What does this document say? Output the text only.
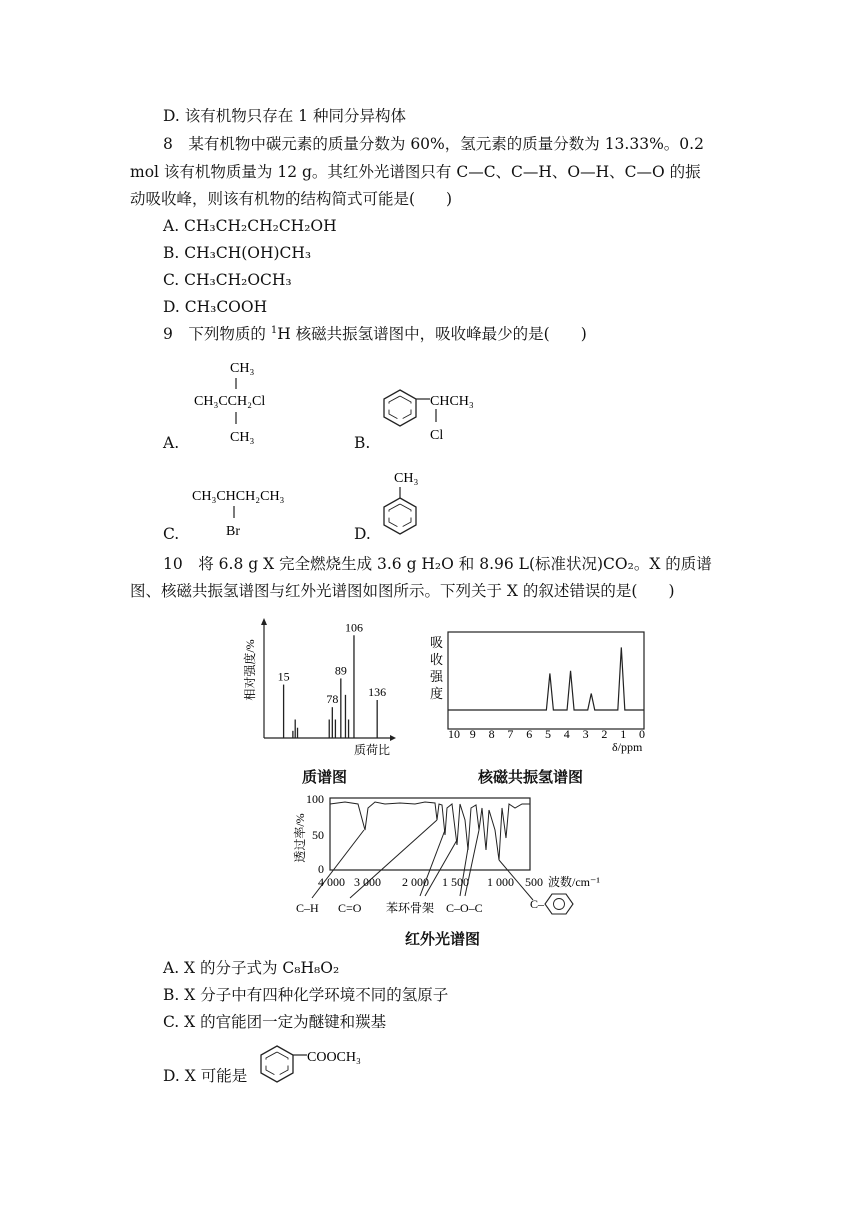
D. 该有机物只存在 1 种同分异构体
8　 某有机物中碳元素的质量分数为 60%，氢元素的质量分数为 13.33%。0.2
mol 该有机物质量为 12 g。其红外光谱图只有 C—C、C—H、O—H、C—O 的振
动吸收峰，则该有机物的结构简式可能是(　　)
A. CH₃CH₂CH₂CH₂OH
B. CH₃CH(OH)CH₃
C. CH₃CH₂OCH₃
D. CH₃COOH
9　 下列物质的 $^1$H 核磁共振氢谱图中，吸收峰最少的是(　　)
A.	B.
C.	D.
CH₃
CH₃CCH₂Cl
CH₃
CHCH₃
Cl
CH₃CHCH₂CH₃
Br
CH₃
10　 将 6.8 g X 完全燃烧生成 3.6 g H₂O 和 8.96 L(标准状况)CO₂。X 的质谱
图、核磁共振氢谱图与红外光谱图如图所示。下列关于 X 的叙述错误的是(　　)
相对强度/% 15
78
89
106
136
质荷比
质谱图
吸收强度
10 9 8 7 6 5 4 3 2 1 0
δ/ppm
核磁共振氢谱图
透过率/%
100
50
0
4 000 3 000 2 000 1 500 1 000 500 波数/cm⁻¹
C–H C=O 苯环骨架 C–O–C	C–
红外光谱图
A. X 的分子式为 C₈H₈O₂
B. X 分子中有四种化学环境不同的氢原子
C. X 的官能团一定为醚键和羰基
D. X 可能是
COOCH₃
